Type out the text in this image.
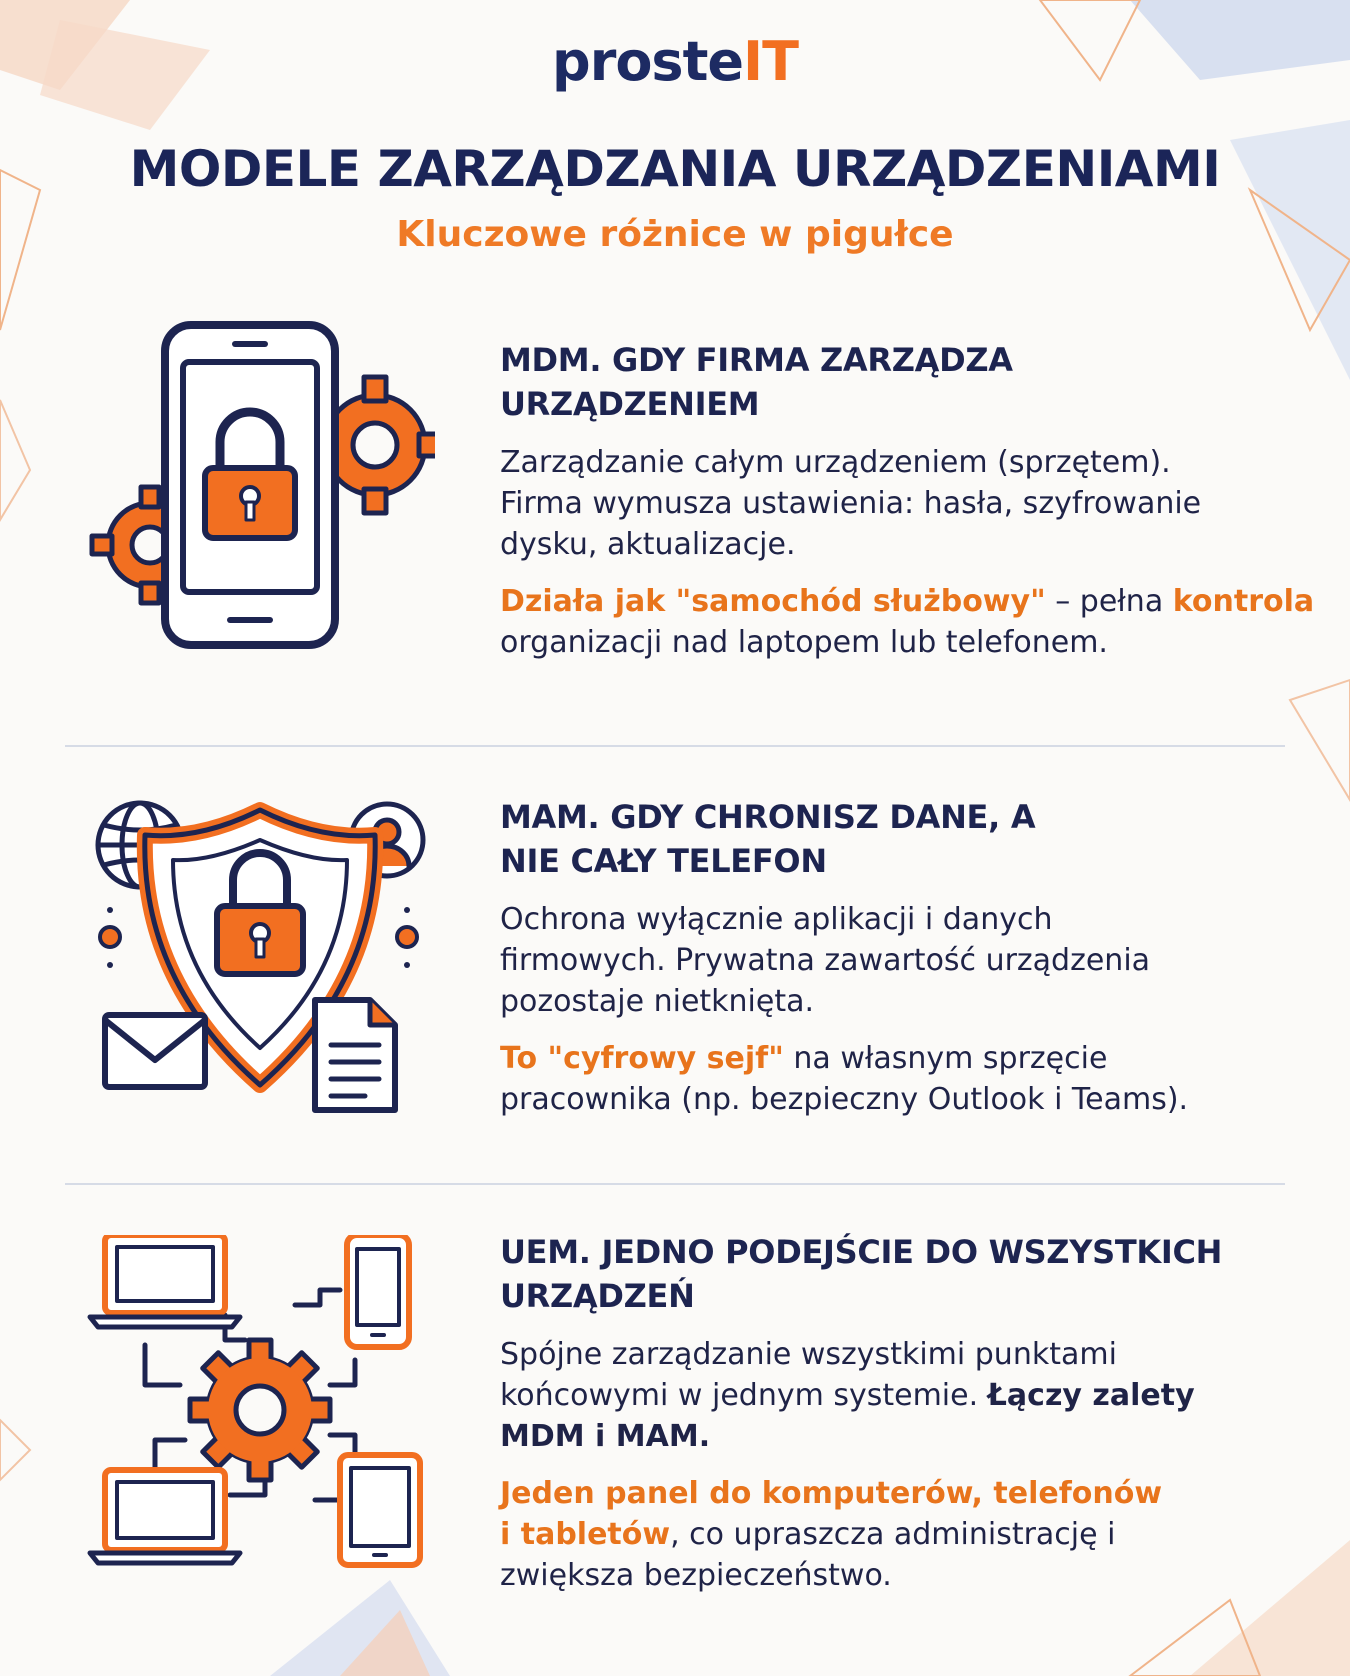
prosteIT
MODELE ZARZĄDZANIA URZĄDZENIAMI
Kluczowe różnice w pigułce
MDM. GDY FIRMA ZARZĄDZA URZĄDZENIEM
Zarządzanie całym urządzeniem (sprzętem). Firma wymusza ustawienia: hasła, szyfrowanie dysku, aktualizacje.
Działa jak "samochód służbowy" – pełna kontrola organizacji nad laptopem lub telefonem.
MAM. GDY CHRONISZ DANE, A NIE CAŁY TELEFON
Ochrona wyłącznie aplikacji i danych firmowych. Prywatna zawartość urządzenia pozostaje nietknięta.
To "cyfrowy sejf" na własnym sprzęcie pracownika (np. bezpieczny Outlook i Teams).
UEM. JEDNO PODEJŚCIE DO WSZYSTKICH URZĄDZEŃ
Spójne zarządzanie wszystkimi punktami końcowymi w jednym systemie. Łączy zalety MDM i MAM.
Jeden panel do komputerów, telefonów i tabletów, co upraszcza administrację i zwiększa bezpieczeństwo.
